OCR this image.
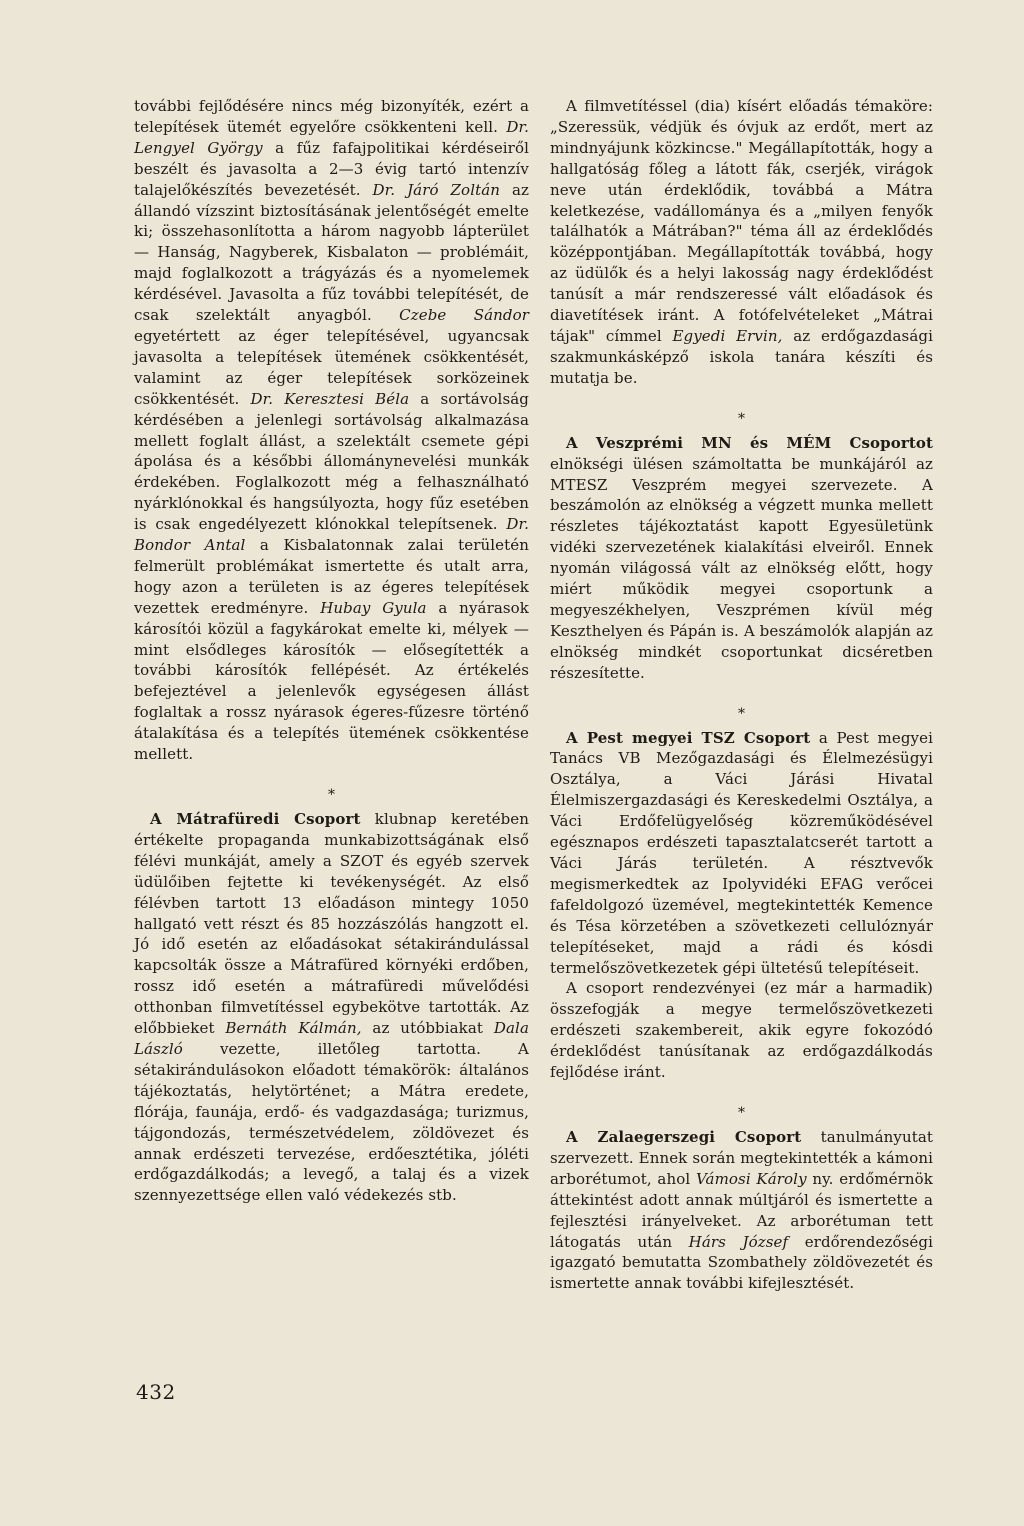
további fejlődésére nincs még bizonyíték, ezért a telepítések ütemét egyelőre csökkenteni kell. Dr. Lengyel György a fűz fafajpolitikai kérdéseiről beszélt és javasolta a 2—3 évig tartó intenzív talajelőkészítés bevezetését. Dr. Járó Zoltán az állandó vízszint biztosításának jelentőségét emelte ki; összehasonlította a három nagyobb lápterület — Hanság, Nagyberek, Kisbalaton — problémáit, majd foglalkozott a trágyázás és a nyomelemek kérdésével. Javasolta a fűz további telepítését, de csak szelektált anyagból. Czebe Sándor egyetértett az éger telepítésével, ugyancsak javasolta a telepítések ütemének csökkentését, valamint az éger telepítések sorközeinek csökkentését. Dr. Keresztesi Béla a sortávolság kérdésében a jelenlegi sortávolság alkalmazása mellett foglalt állást, a szelektált csemete gépi ápolása és a későbbi állománynevelési munkák érdekében. Foglalkozott még a felhasználható nyárklónokkal és hangsúlyozta, hogy fűz esetében is csak engedélyezett klónokkal telepítsenek. Dr. Bondor Antal a Kisbalatonnak zalai területén felmerült problémákat ismertette és utalt arra, hogy azon a területen is az égeres telepítések vezettek eredményre. Hubay Gyula a nyárasok károsítói közül a fagykárokat emelte ki, mélyek — mint elsődleges károsítók — elősegítették a további károsítók fellépését. Az értékelés befejeztével a jelenlevők egységesen állást foglaltak a rossz nyárasok égeres-fűzesre történő átalakítása és a telepítés ütemének csökkentése mellett.

*

A Mátrafüredi Csoport klubnap keretében értékelte propaganda munkabizottságának első félévi munkáját, amely a SZOT és egyéb szervek üdülőiben fejtette ki tevékenységét. Az első félévben tartott 13 előadáson mintegy 1050 hallgató vett részt és 85 hozzászólás hangzott el. Jó idő esetén az előadásokat sétakirándulással kapcsolták össze a Mátrafüred környéki erdőben, rossz idő esetén a mátrafüredi művelődési otthonban filmvetítéssel egybekötve tartották. Az előbbieket Bernáth Kálmán, az utóbbiakat Dala László vezette, illetőleg tartotta. A sétakirándulásokon előadott témakörök: általános tájékoztatás, helytörténet; a Mátra eredete, flórája, faunája, erdő- és vadgazdasága; turizmus, tájgondozás, természetvédelem, zöldövezet és annak erdészeti tervezése, erdőesztétika, jóléti erdőgazdálkodás; a levegő, a talaj és a vizek szennyezettsége ellen való védekezés stb.

A filmvetítéssel (dia) kísért előadás témaköre: „Szeressük, védjük és óvjuk az erdőt, mert az mindnyájunk közkincse." Megállapították, hogy a hallgatóság főleg a látott fák, cserjék, virágok neve után érdeklődik, továbbá a Mátra keletkezése, vadállománya és a „milyen fenyők találhatók a Mátrában?" téma áll az érdeklődés középpontjában. Megállapították továbbá, hogy az üdülők és a helyi lakosság nagy érdeklődést tanúsít a már rendszeressé vált előadások és diavetítések iránt. A fotófelvételeket „Mátrai tájak" címmel Egyedi Ervin, az erdőgazdasági szakmunkásképző iskola tanára készíti és mutatja be.

*

A Veszprémi MN és MÉM Csoportot elnökségi ülésen számoltatta be munkájáról az MTESZ Veszprém megyei szervezete. A beszámolón az elnökség a végzett munka mellett részletes tájékoztatást kapott Egyesületünk vidéki szervezetének kialakítási elveiről. Ennek nyomán világossá vált az elnökség előtt, hogy miért működik megyei csoportunk a megyeszékhelyen, Veszprémen kívül még Keszthelyen és Pápán is. A beszámolók alapján az elnökség mindkét csoportunkat dicséretben részesítette.

*

A Pest megyei TSZ Csoport a Pest megyei Tanács VB Mezőgazdasági és Élelmezésügyi Osztálya, a Váci Járási Hivatal Élelmiszergazdasági és Kereskedelmi Osztálya, a Váci Erdőfelügyelőség közreműködésével egésznapos erdészeti tapasztalatcserét tartott a Váci Járás területén. A résztvevők megismerkedtek az Ipolyvidéki EFAG verőcei fafeldolgozó üzemével, megtekintették Kemence és Tésa körzetében a szövetkezeti cellulóznyár telepítéseket, majd a rádi és kósdi termelőszövetkezetek gépi ültetésű telepítéseit.

A csoport rendezvényei (ez már a harmadik) összefogják a megye termelőszövetkezeti erdészeti szakembereit, akik egyre fokozódó érdeklődést tanúsítanak az erdőgazdálkodás fejlődése iránt.

*

A Zalaegerszegi Csoport tanulmányutat szervezett. Ennek során megtekintették a kámoni arborétumot, ahol Vámosi Károly ny. erdőmérnök áttekintést adott annak múltjáról és ismertette a fejlesztési irányelveket. Az arborétuman tett látogatás után Hárs József erdőrendezőségi igazgató bemutatta Szombathely zöldövezetét és ismertette annak további kifejlesztését.

432
